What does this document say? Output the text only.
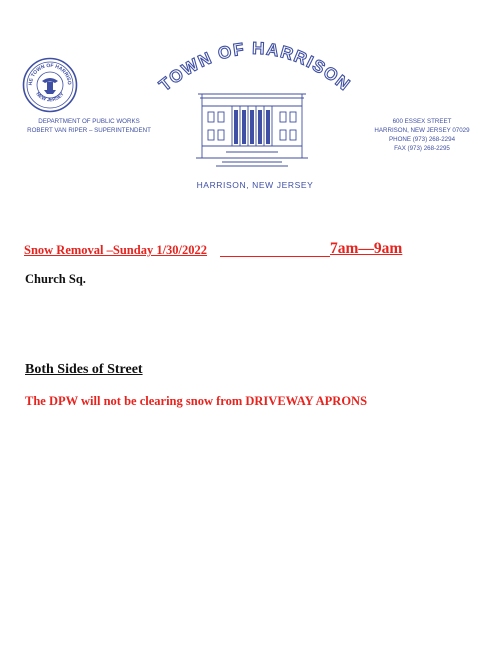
HE TOWN OF HARRISO
NEW JERSEY	TOWN OF HARRISON
HARRISON, NEW JERSEY
DEPARTMENT OF PUBLIC WORKS
ROBERT VAN RIPER – SUPERINTENDENT
600 ESSEX STREET
HARRISON, NEW JERSEY 07029
PHONE (973) 268-2294
FAX (973) 268-2295
Snow Removal –Sunday 1/30/2022	7am—9am
Church Sq.
Both Sides of Street
The DPW will not be clearing snow from DRIVEWAY APRONS
